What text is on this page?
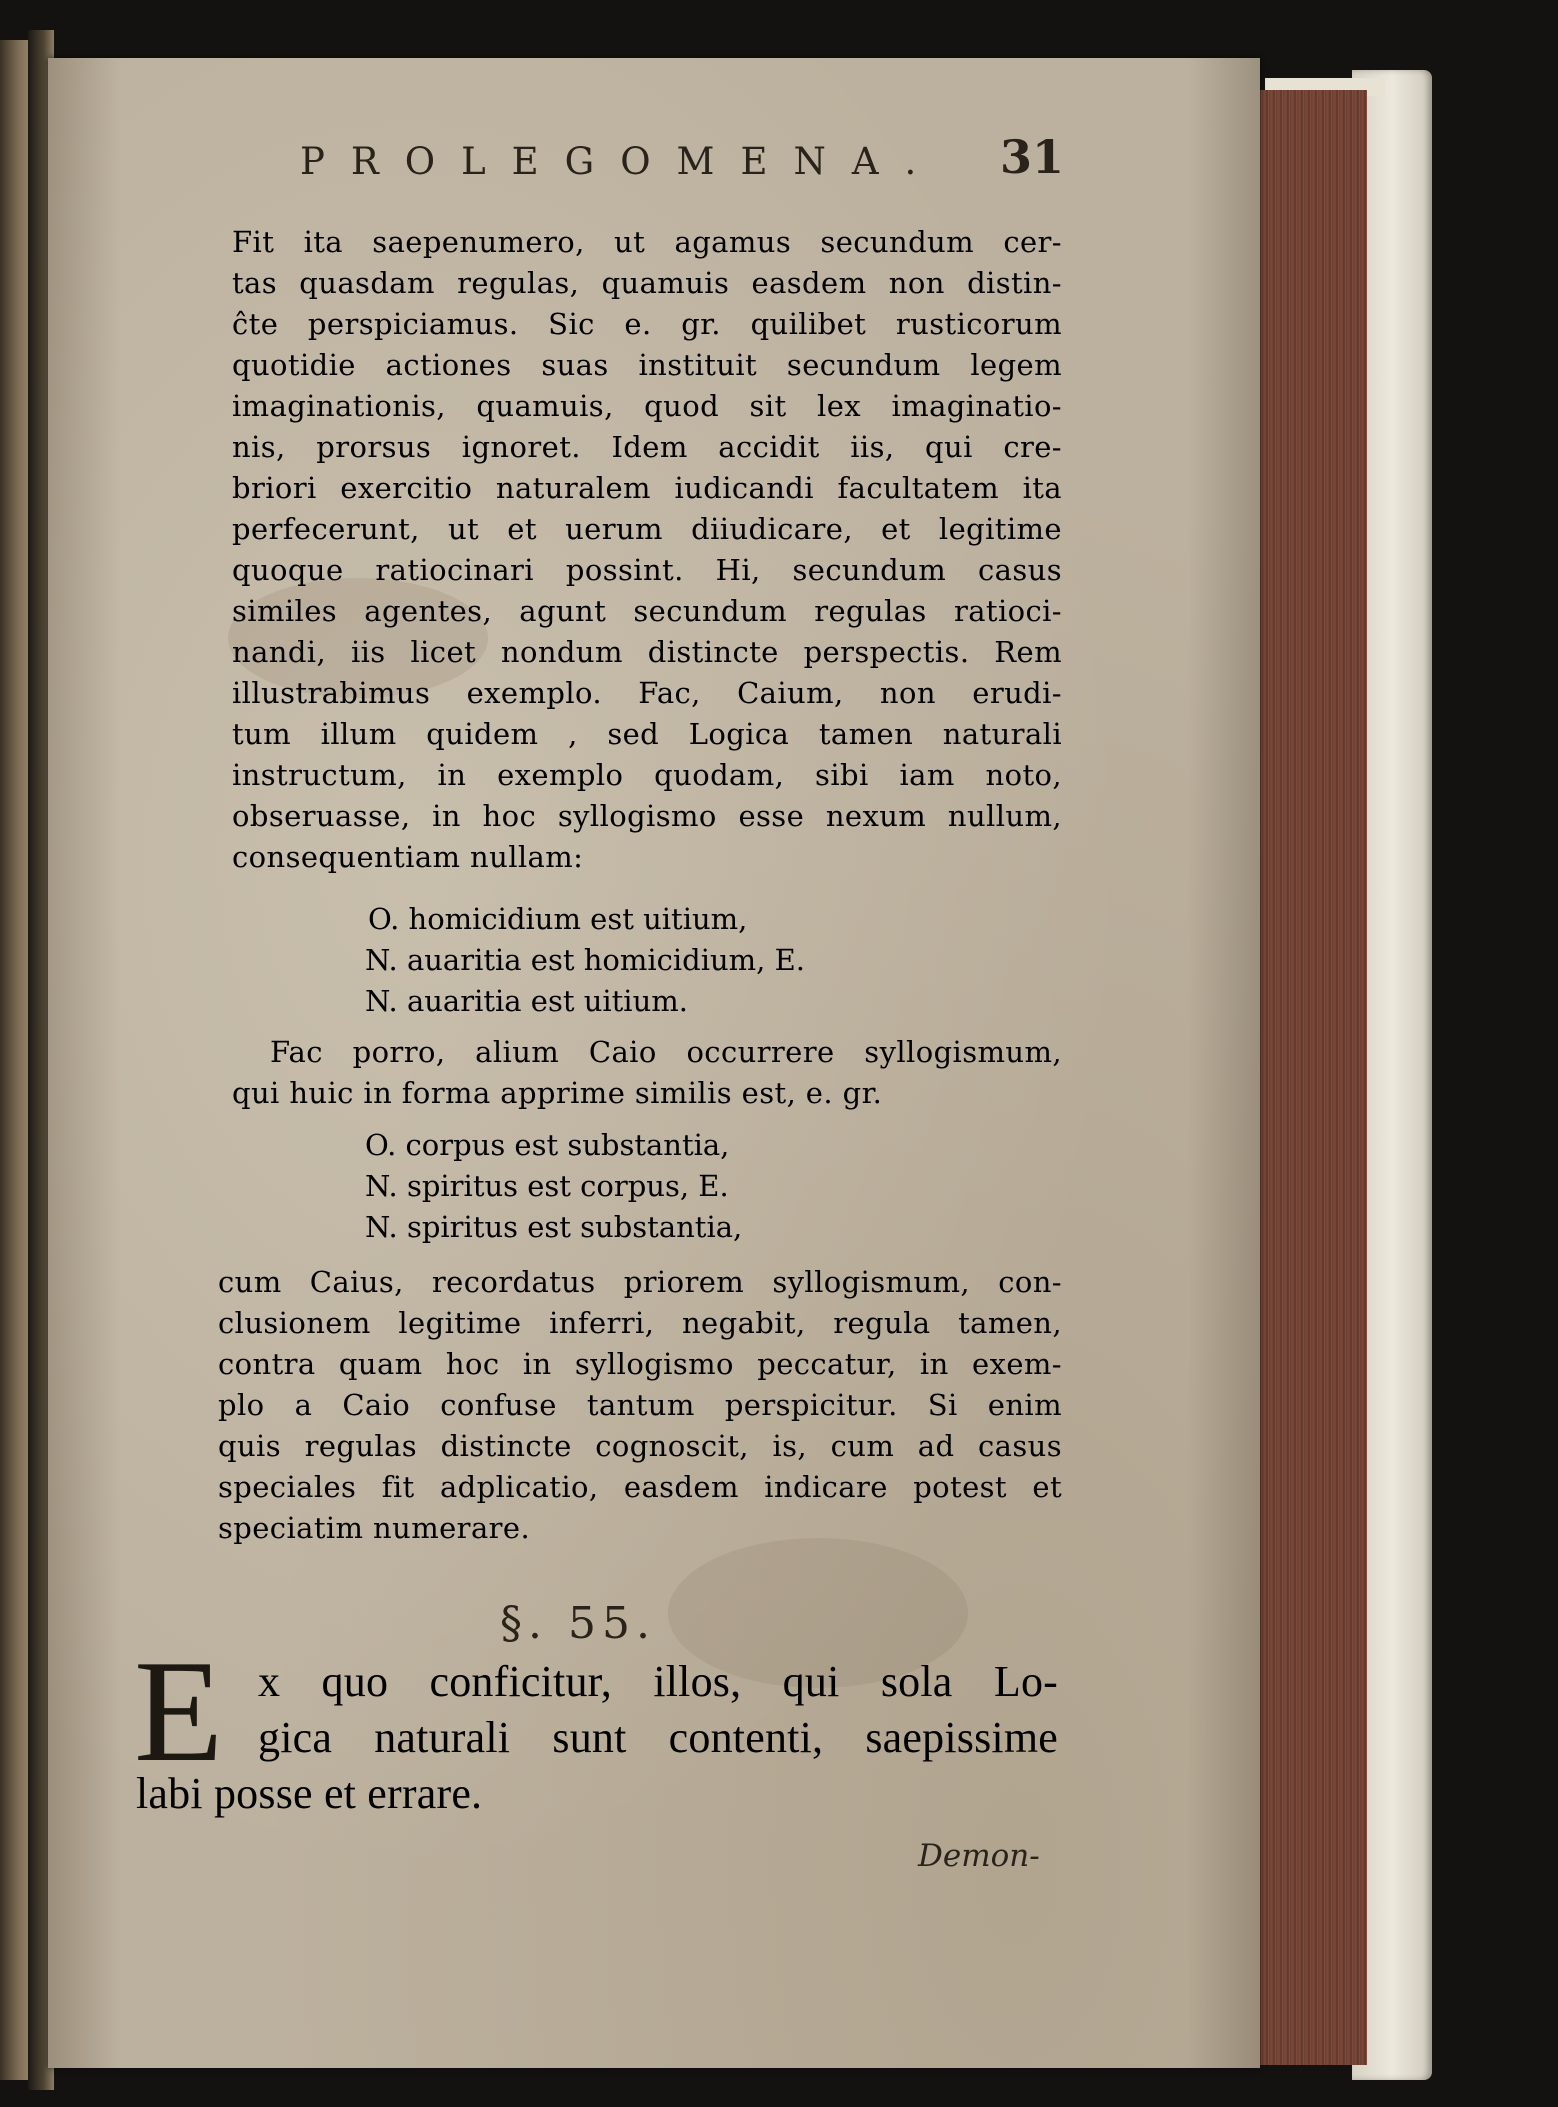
PROLEGOMENA.	31
Fit ita saepenumero, ut agamus secundum cer-
tas quasdam regulas, quamuis easdem non distin-
ĉte perspiciamus. Sic e. gr. quilibet rusticorum
quotidie actiones suas instituit secundum legem
imaginationis, quamuis, quod sit lex imaginatio-
nis, prorsus ignoret. Idem accidit iis, qui cre-
briori exercitio naturalem iudicandi facultatem ita
perfecerunt, ut et uerum diiudicare, et legitime
quoque ratiocinari possint. Hi, secundum casus
similes agentes, agunt secundum regulas ratioci-
nandi, iis licet nondum distincte perspectis. Rem
illustrabimus exemplo. Fac, Caium, non erudi-
tum illum quidem , sed Logica tamen naturali
instructum, in exemplo quodam, sibi iam noto,
obseruasse, in hoc syllogismo esse nexum nullum,
consequentiam nullam:
O. homicidium est uitium,
N. auaritia est homicidium, E.
N. auaritia est uitium.
Fac porro, alium Caio occurrere syllogismum,
qui huic in forma apprime similis est, e. gr.
O. corpus est substantia,
N. spiritus est corpus, E.
N. spiritus est substantia,
cum Caius, recordatus priorem syllogismum, con-
clusionem legitime inferri, negabit, regula tamen,
contra quam hoc in syllogismo peccatur, in exem-
plo a Caio confuse tantum perspicitur. Si enim
quis regulas distincte cognoscit, is, cum ad casus
speciales fit adplicatio, easdem indicare potest et
speciatim numerare.
§. 55.
E x quo conficitur, illos, qui sola Lo-
gica naturali sunt contenti, saepissime
labi posse et errare.
Demon-
